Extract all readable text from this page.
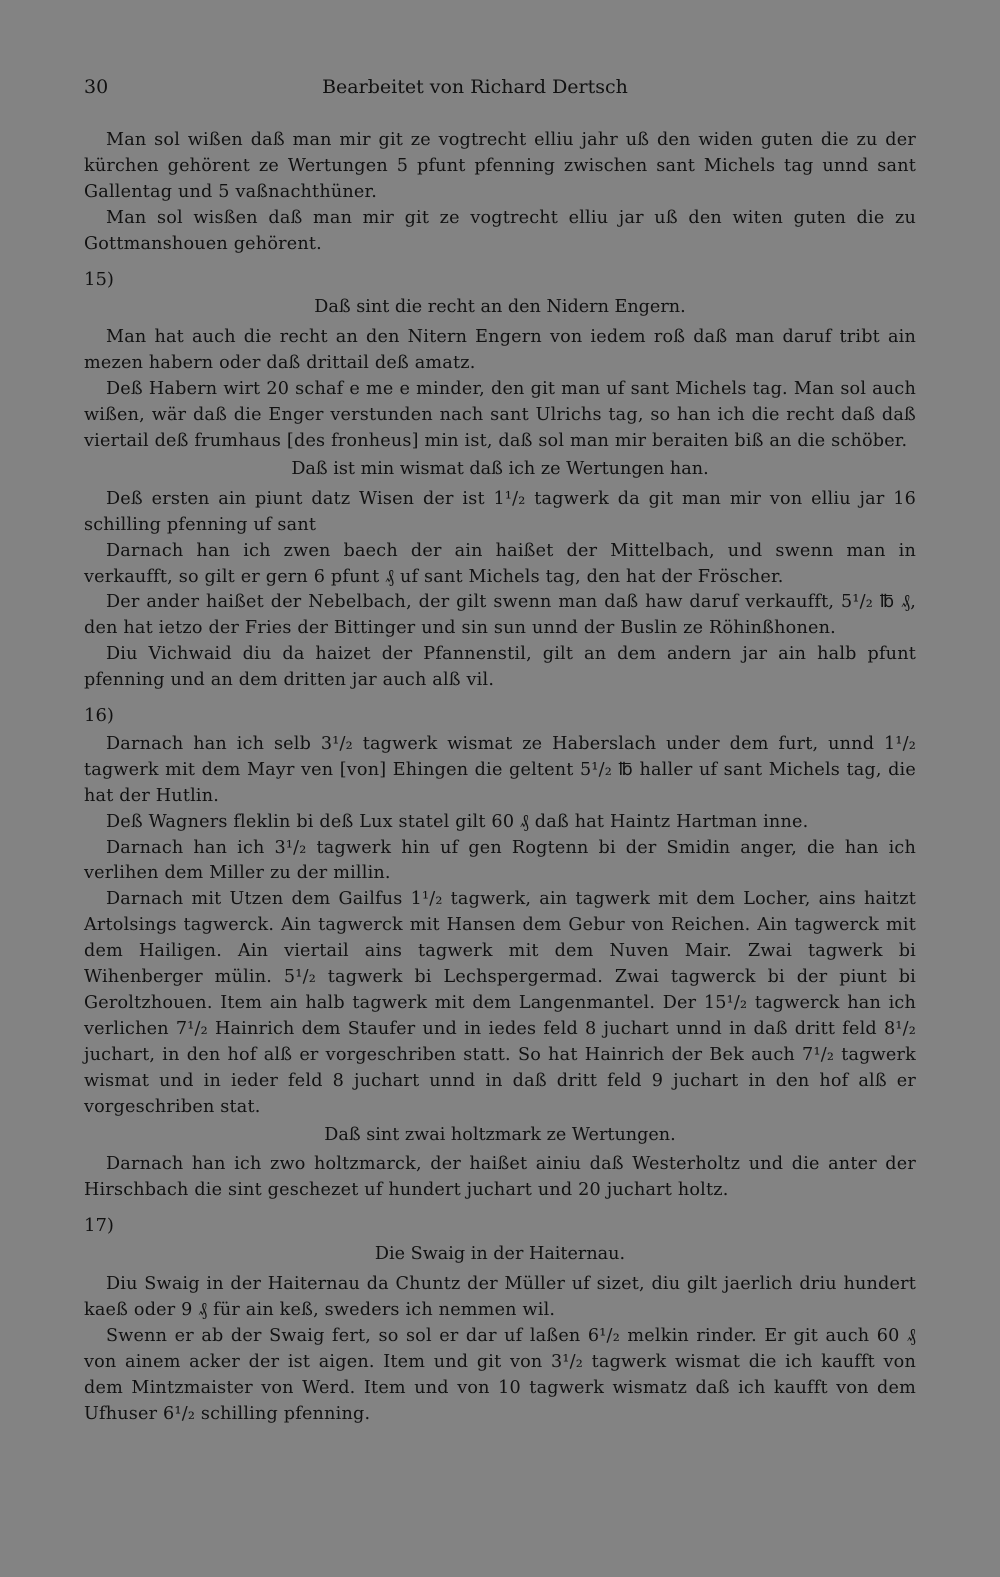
30	Bearbeitet von Richard Dertsch

Man sol wißen daß man mir git ze vogtrecht elliu jahr uß den widen guten die zu der kürchen gehörent ze Wertungen 5 pfunt pfenning zwischen sant Michels tag unnd sant Gallentag und 5 vaßnachthüner.

Man sol wisßen daß man mir git ze vogtrecht elliu jar uß den witen guten die zu Gottmanshouen gehörent.

15)
Daß sint die recht an den Nidern Engern.

Man hat auch die recht an den Nitern Engern von iedem roß daß man daruf tribt ain mezen habern oder daß drittail deß amatz.

Deß Habern wirt 20 schaf e me e minder, den git man uf sant Michels tag. Man sol auch wißen, wär daß die Enger verstunden nach sant Ulrichs tag, so han ich die recht daß daß viertail deß frumhaus [des fronheus] min ist, daß sol man mir beraiten biß an die schöber.

Daß ist min wismat daß ich ze Wertungen han.

Deß ersten ain piunt datz Wisen der ist 1¹/₂ tagwerk da git man mir von elliu jar 16 schilling pfenning uf sant

Darnach han ich zwen baech der ain haißet der Mittelbach, und swenn man in verkaufft, so gilt er gern 6 pfunt ₰ uf sant Michels tag, den hat der Fröscher.

Der ander haißet der Nebelbach, der gilt swenn man daß haw daruf verkaufft, 5¹/₂ ℔ ₰, den hat ietzo der Fries der Bittinger und sin sun unnd der Buslin ze Röhinßhonen.

Diu Vichwaid diu da haizet der Pfannenstil, gilt an dem andern jar ain halb pfunt pfenning und an dem dritten jar auch alß vil.

16)

Darnach han ich selb 3¹/₂ tagwerk wismat ze Haberslach under dem furt, unnd 1¹/₂ tagwerk mit dem Mayr ven [von] Ehingen die geltent 5¹/₂ ℔ haller uf sant Michels tag, die hat der Hutlin.

Deß Wagners fleklin bi deß Lux statel gilt 60 ₰ daß hat Haintz Hartman inne.

Darnach han ich 3¹/₂ tagwerk hin uf gen Rogtenn bi der Smidin anger, die han ich verlihen dem Miller zu der millin.

Darnach mit Utzen dem Gailfus 1¹/₂ tagwerk, ain tagwerk mit dem Locher, ains haitzt Artolsings tagwerck. Ain tagwerck mit Hansen dem Gebur von Reichen. Ain tagwerck mit dem Hailigen. Ain viertail ains tagwerk mit dem Nuven Mair. Zwai tagwerk bi Wihenberger mülin. 5¹/₂ tagwerk bi Lechspergermad. Zwai tagwerck bi der piunt bi Geroltzhouen. Item ain halb tagwerk mit dem Langenmantel. Der 15¹/₂ tagwerck han ich verlichen 7¹/₂ Hainrich dem Staufer und in iedes feld 8 juchart unnd in daß dritt feld 8¹/₂ juchart, in den hof alß er vorgeschriben statt. So hat Hainrich der Bek auch 7¹/₂ tagwerk wismat und in ieder feld 8 juchart unnd in daß dritt feld 9 juchart in den hof alß er vorgeschriben stat.

Daß sint zwai holtzmark ze Wertungen.

Darnach han ich zwo holtzmarck, der haißet ainiu daß Westerholtz und die anter der Hirschbach die sint geschezet uf hundert juchart und 20 juchart holtz.

17)
Die Swaig in der Haiternau.

Diu Swaig in der Haiternau da Chuntz der Müller uf sizet, diu gilt jaerlich driu hundert kaeß oder 9 ₰ für ain keß, sweders ich nemmen wil.

Swenn er ab der Swaig fert, so sol er dar uf laßen 6¹/₂ melkin rinder. Er git auch 60 ₰ von ainem acker der ist aigen. Item und git von 3¹/₂ tagwerk wismat die ich kaufft von dem Mintzmaister von Werd. Item und von 10 tagwerk wismatz daß ich kaufft von dem Ufhuser 6¹/₂ schilling pfenning.
